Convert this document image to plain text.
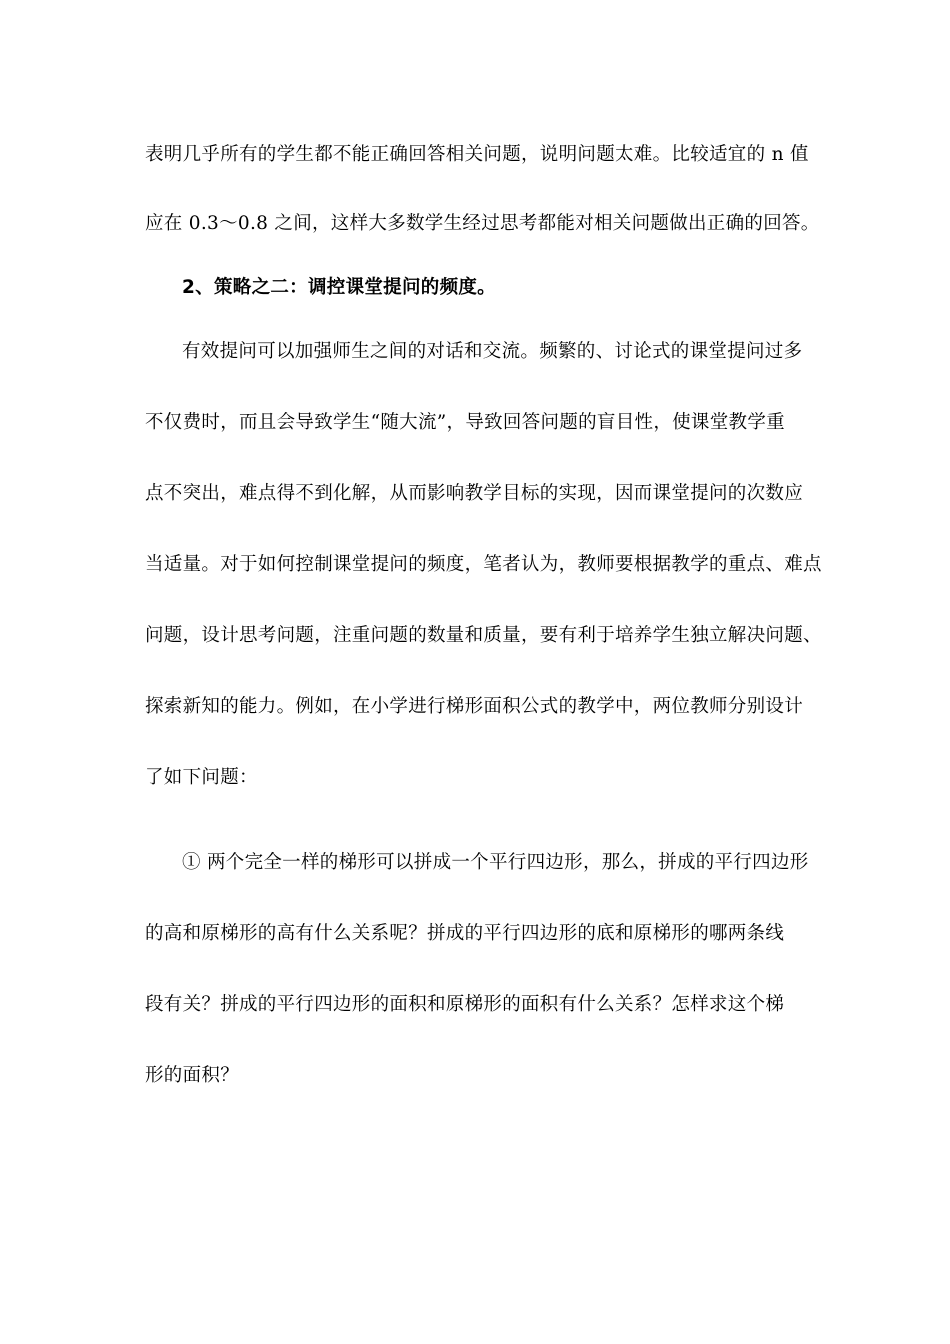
表明几乎所有的学生都不能正确回答相关问题，说明问题太难。比较适宜的 n 值
应在 0.3～0.8 之间，这样大多数学生经过思考都能对相关问题做出正确的回答。
2、策略之二：调控课堂提问的频度。
有效提问可以加强师生之间的对话和交流。频繁的、讨论式的课堂提问过多
不仅费时，而且会导致学生“随大流”，导致回答问题的盲目性，使课堂教学重
点不突出，难点得不到化解，从而影响教学目标的实现，因而课堂提问的次数应
当适量。对于如何控制课堂提问的频度，笔者认为，教师要根据教学的重点、难点
问题，设计思考问题，注重问题的数量和质量，要有利于培养学生独立解决问题、
探索新知的能力。例如，在小学进行梯形面积公式的教学中，两位教师分别设计
了如下问题：
① 两个完全一样的梯形可以拼成一个平行四边形，那么，拼成的平行四边形
的高和原梯形的高有什么关系呢？拼成的平行四边形的底和原梯形的哪两条线
段有关？拼成的平行四边形的面积和原梯形的面积有什么关系？怎样求这个梯
形的面积？
